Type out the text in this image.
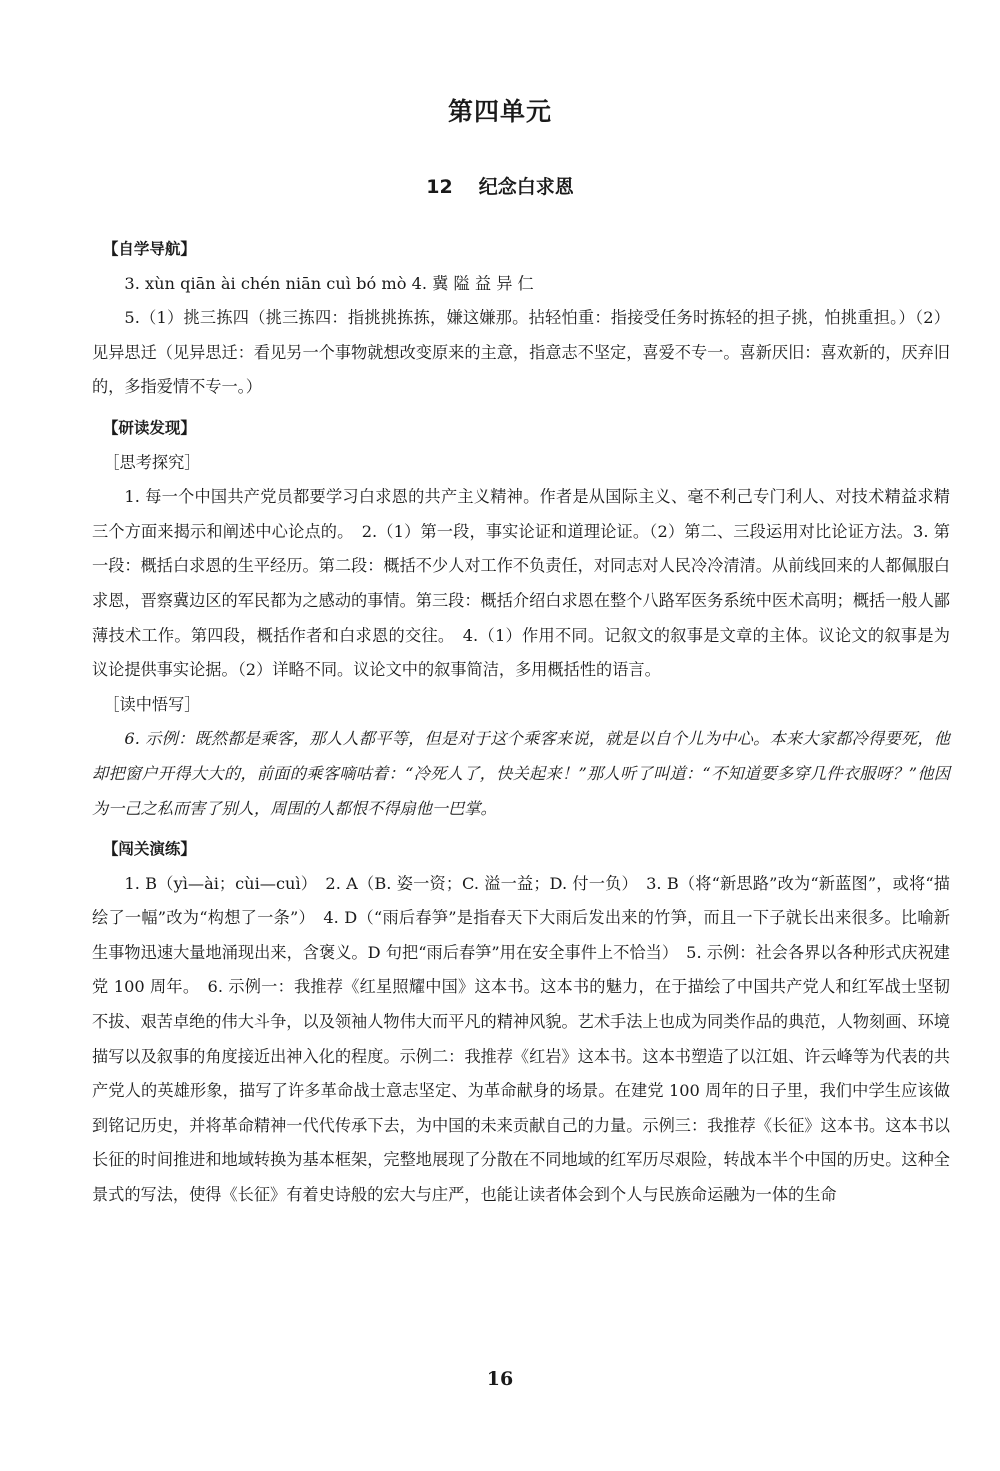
第四单元
12 纪念白求恩

【自学导航】

3. xùn qiān ài chén niān cuì bó mò 4. 冀 隘 益 异 仁

5.（1）挑三拣四（挑三拣四：指挑挑拣拣，嫌这嫌那。拈轻怕重：指接受任务时拣轻的担子挑，怕挑重担。）（2）见异思迁（见异思迁：看见另一个事物就想改变原来的主意，指意志不坚定，喜爱不专一。喜新厌旧：喜欢新的，厌弃旧的，多指爱情不专一。）

【研读发现】

［思考探究］

1. 每一个中国共产党员都要学习白求恩的共产主义精神。作者是从国际主义、毫不利己专门利人、对技术精益求精三个方面来揭示和阐述中心论点的。　2.（1）第一段，事实论证和道理论证。（2）第二、三段运用对比论证方法。3. 第一段：概括白求恩的生平经历。第二段：概括不少人对工作不负责任，对同志对人民冷冷清清。从前线回来的人都佩服白求恩，晋察冀边区的军民都为之感动的事情。第三段：概括介绍白求恩在整个八路军医务系统中医术高明；概括一般人鄙薄技术工作。第四段，概括作者和白求恩的交往。　4.（1）作用不同。记叙文的叙事是文章的主体。议论文的叙事是为议论提供事实论据。（2）详略不同。议论文中的叙事简洁，多用概括性的语言。

［读中悟写］

6. 示例：既然都是乘客，那人人都平等，但是对于这个乘客来说，就是以自个儿为中心。本来大家都冷得要死，他却把窗户开得大大的，前面的乘客嘀咕着：“冷死人了，快关起来！”那人听了叫道：“不知道要多穿几件衣服呀？”他因为一己之私而害了别人，周围的人都恨不得扇他一巴掌。

【闯关演练】

1. B（yì—ài；cùi—cuì）　2. A（B. 姿一资；C. 溢一益；D. 付一负）　3. B（将“新思路”改为“新蓝图”，或将“描绘了一幅”改为“构想了一条”）　4. D（“雨后春笋”是指春天下大雨后发出来的竹笋，而且一下子就长出来很多。比喻新生事物迅速大量地涌现出来，含褒义。D 句把“雨后春笋”用在安全事件上不恰当）　5. 示例：社会各界以各种形式庆祝建党 100 周年。　6. 示例一：我推荐《红星照耀中国》这本书。这本书的魅力，在于描绘了中国共产党人和红军战士坚韧不拔、艰苦卓绝的伟大斗争，以及领袖人物伟大而平凡的精神风貌。艺术手法上也成为同类作品的典范，人物刻画、环境描写以及叙事的角度接近出神入化的程度。示例二：我推荐《红岩》这本书。这本书塑造了以江姐、许云峰等为代表的共产党人的英雄形象，描写了许多革命战士意志坚定、为革命献身的场景。在建党 100 周年的日子里，我们中学生应该做到铭记历史，并将革命精神一代代传承下去，为中国的未来贡献自己的力量。示例三：我推荐《长征》这本书。这本书以长征的时间推进和地域转换为基本框架，完整地展现了分散在不同地域的红军历尽艰险，转战本半个中国的历史。这种全景式的写法，使得《长征》有着史诗般的宏大与庄严，也能让读者体会到个人与民族命运融为一体的生命

16
